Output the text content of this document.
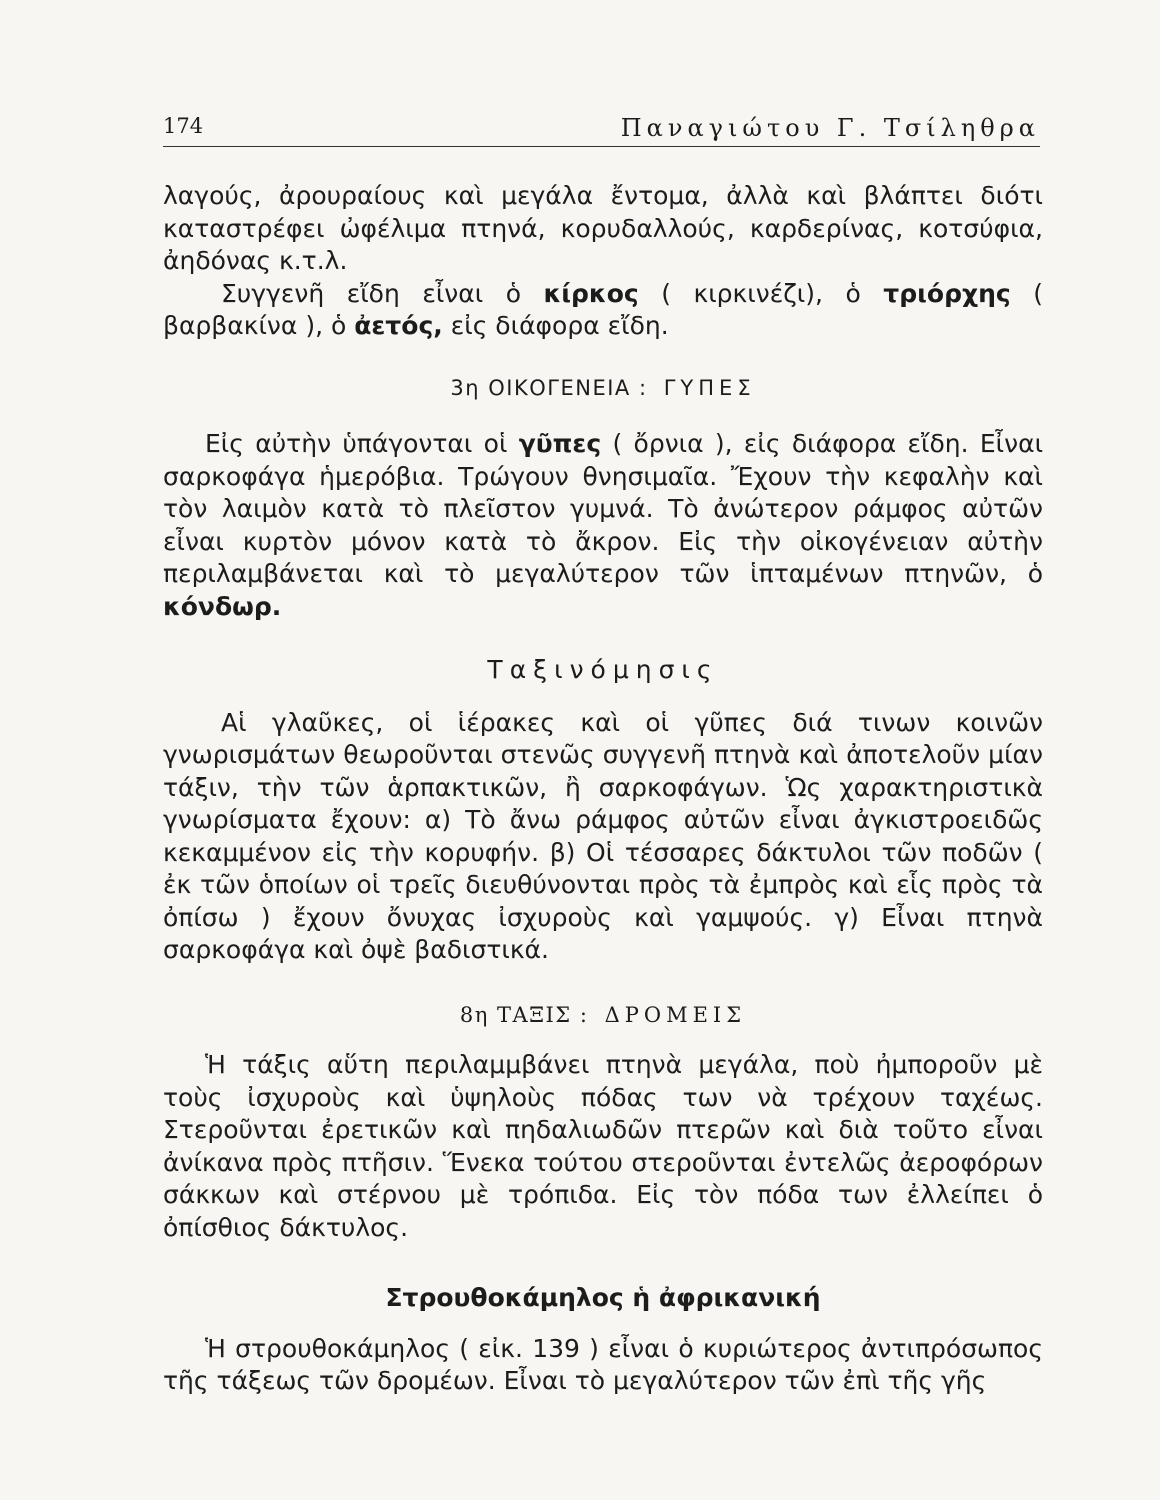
174	Παναγιώτου Γ. Τσίληθρα

λαγούς, ἀρουραίους καὶ μεγάλα ἔντομα, ἀλλὰ καὶ βλάπτει διότι καταστρέφει ὠφέλιμα πτηνά, κορυδαλλούς, καρδερίνας, κοτσύφια, ἀηδόνας κ.τ.λ.

Συγγενῆ εἴδη εἶναι ὁ κίρκος ( κιρκινέζι), ὁ τριόρχης ( βαρβακίνα ), ὁ ἀετός, εἰς διάφορα εἴδη.

3η ΟΙΚΟΓΕΝΕΙΑ : ΓΥΠΕΣ

Εἰς αὐτὴν ὑπάγονται οἱ γῦπες ( ὄρνια ), εἰς διάφορα εἴδη. Εἶναι σαρκοφάγα ἡμερόβια. Τρώγουν θνησιμαῖα. Ἔχουν τὴν κεφαλὴν καὶ τὸν λαιμὸν κατὰ τὸ πλεῖστον γυμνά. Τὸ ἀνώτερον ράμφος αὐτῶν εἶναι κυρτὸν μόνον κατὰ τὸ ἄκρον. Εἰς τὴν οἰκογένειαν αὐτὴν περιλαμβάνεται καὶ τὸ μεγαλύτερον τῶν ἱπταμένων πτηνῶν, ὁ κόνδωρ.

Ταξινόμησις

Αἱ γλαῦκες, οἱ ἱέρακες καὶ οἱ γῦπες διά τινων κοινῶν γνωρισμάτων θεωροῦνται στενῶς συγγενῆ πτηνὰ καὶ ἀποτελοῦν μίαν τάξιν, τὴν τῶν ἁρπακτικῶν, ἢ σαρκοφάγων. Ὡς χαρακτηριστικὰ γνωρίσματα ἔχουν: α) Τὸ ἄνω ράμφος αὐτῶν εἶναι ἀγκιστροειδῶς κεκαμμένον εἰς τὴν κορυφήν. β) Οἱ τέσσαρες δάκτυλοι τῶν ποδῶν ( ἐκ τῶν ὁποίων οἱ τρεῖς διευθύνονται πρὸς τὰ ἐμπρὸς καὶ εἷς πρὸς τὰ ὀπίσω ) ἔχουν ὄνυχας ἰσχυροὺς καὶ γαμψούς. γ) Εἶναι πτηνὰ σαρκοφάγα καὶ ὀψὲ βαδιστικά.

8η ΤΑΞΙΣ : ΔΡΟΜΕΙΣ

Ἡ τάξις αὕτη περιλαμμβάνει πτηνὰ μεγάλα, ποὺ ἠμποροῦν μὲ τοὺς ἰσχυροὺς καὶ ὑψηλοὺς πόδας των νὰ τρέχουν ταχέως. Στεροῦνται ἐρετικῶν καὶ πηδαλιωδῶν πτερῶν καὶ διὰ τοῦτο εἶναι ἀνίκανα πρὸς πτῆσιν. Ἕνεκα τούτου στεροῦνται ἐντελῶς ἀεροφόρων σάκκων καὶ στέρνου μὲ τρόπιδα. Εἰς τὸν πόδα των ἐλλείπει ὁ ὀπίσθιος δάκτυλος.

Στρουθοκάμηλος ἡ ἀφρικανική

Ἡ στρουθοκάμηλος ( εἰκ. 139 ) εἶναι ὁ κυριώτερος ἀντιπρόσωπος τῆς τάξεως τῶν δρομέων. Εἶναι τὸ μεγαλύτερον τῶν ἐπὶ τῆς γῆς
